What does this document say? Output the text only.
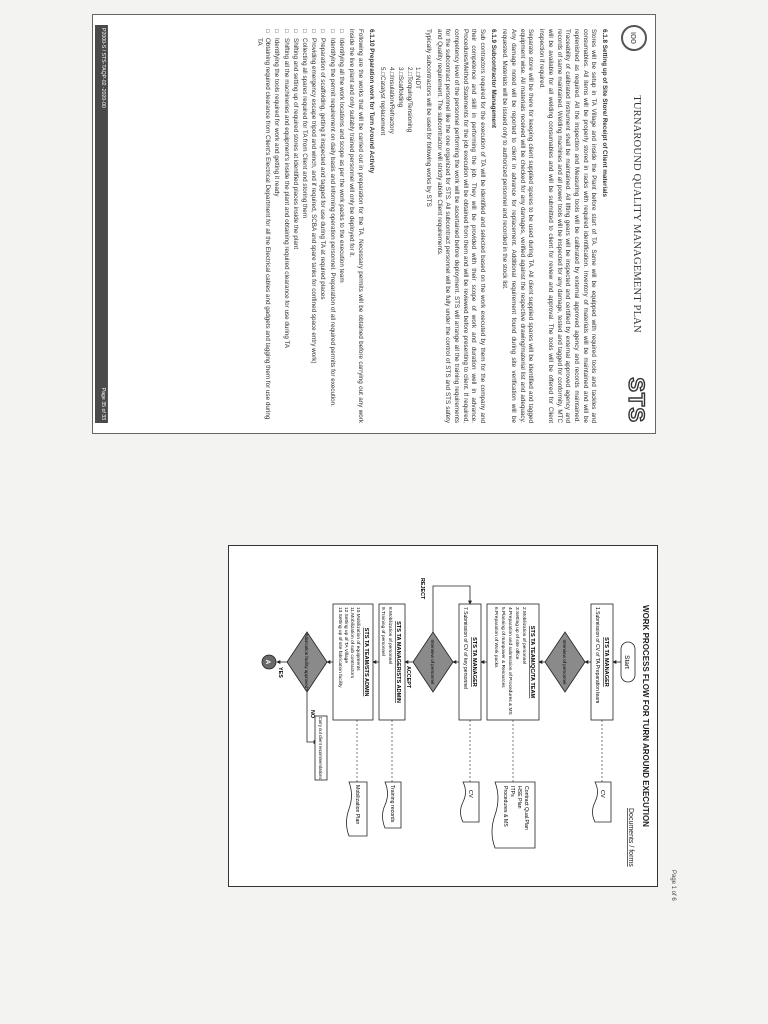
ιοο
TURNAROUND QUALITY MANAGEMENT PLAN
STS

6.1.8 Setting up of Site Store/ Receipt of Client materials

Stores will be setup in TA Village and inside the Plant before start of TA. Same will be equipped with required tools and tackles and consumables. All items will be properly stored in racks with required identification. Inventory of materials will be maintained and will be replenished as required. All the inspection and Measuring tools will be calibrated by external approved agency and records maintained. Traceability of calibrated instrument shall be maintained. All lifting gears will be inspected and certified by external approved agency and records of same maintained. Welding machines and all power tools will be inspected for any damage, tested and tagged for conformity. MTC will be available for all welding consumables and will be submitted to client for review and approval. The tools will be offered for Client inspection if required.

Separate store will be there for keeping client supplied spares to be used during TA. All client supplied spares will be identified and tagged equipment wise. All materials received will be checked for any damages, verified against the respective drawing/material list and adequacy. Any damage noted will be reported to client in advance for replacement. Additional requirement found during site verification will be requested. Materials will be issued only to authorized personnel and recorded in the stock list.

6.1.9 Subcontractor Management

Sub contractors required for the execution of TA will be identified and selected based on the work executed by them for the company and their competence and skill in performing the job. They will be provided with their scope of work and duration well in advance. Procedures/Method Statements for the job execution will be obtained from them and will be reviewed before presenting to client. If required, competency level of the personnel performing the work will be ascertained before deployment. STS will arrange all the training requirements for the subcontract personnel like the one organized for STS. All subcontract personnel will be fully under the control of STS and STS safety and Quality requirement. The subcontractor will strictly abide Client requirements.

Typically subcontractors will be used for following works by STS

1.□NDT
2.□Torquing/Tensioning
3.□Scaffolding
4.□Insulation/Refractory
5.□Catalyst replacement

6.1.10 Preparation work for Turn Around Activity

Following are the works that will be carried out in preparation for the TA. Necessary permits will be obtained before carrying out any work inside the live plant and only suitably trained personnel will only be deployed for it.

□ Identifying all the work locations and scope as per the work packs to the execution team
□ Identifying the permit requirement on daily basis and informing operation personnel. Preparation of all required permits for execution.
□ Preparation of scaffolding, getting it inspected and tagged for use during TA at required places
□ Providing emergency escape tripod and winch, and if required, SCBA and spare tanks for confined space entry work)
□ Collecting all spares required for TA from Client and storing them
□ Shifting and setting up of required stores at identified places inside the plant
□ Shifting all the machineries and equipment's inside the plant and obtaining required clearance for use during TA
□ Identifying the tools required for work and getting it ready
□ Obtaining required clearance from Client's Electrical Department for all the Electrical cables and gadgets and tagging them for use during TA
P2000-S / STS-TAQP-02 -2020-00
Page 35 of 33
WORK PROCESS FLOW FOR TURN AROUND EXECUTION
Documents / forms
Start
STS TA MANAGER
1.Submission of CV of TA Preparation team
CV
Interview of personnel
STS TA TEAM/QC/TA TEAM
2.Mobilization of personnel
3.Setting up of site office
4.Preparation and submission of Procedures & MS
5.Planning of manpower & Resources
6.Preparation of Work packs
Contract Qual.Plan
HSE Plan
ITPs
Procedures & MS
STS TA MANAGER
7.Submission of CV of key personnel
CV
Interview of personnel
REJECT
ACCEPT
STS TA MANAGER/STS ADMIN
8.Mobilization of personnel
9.Training of personnel
Training records
STS TA TEAM/STS ADMIN
10.Mobilization of equipments
11.Mobilization of sub contractors
12.Setting up of TA Village
13.Setting up of site fabrication facility
Mobilization Plan
Fabrication facility approved?
NO
Carry out client recommendations
YES
A
Page 1 of 6
